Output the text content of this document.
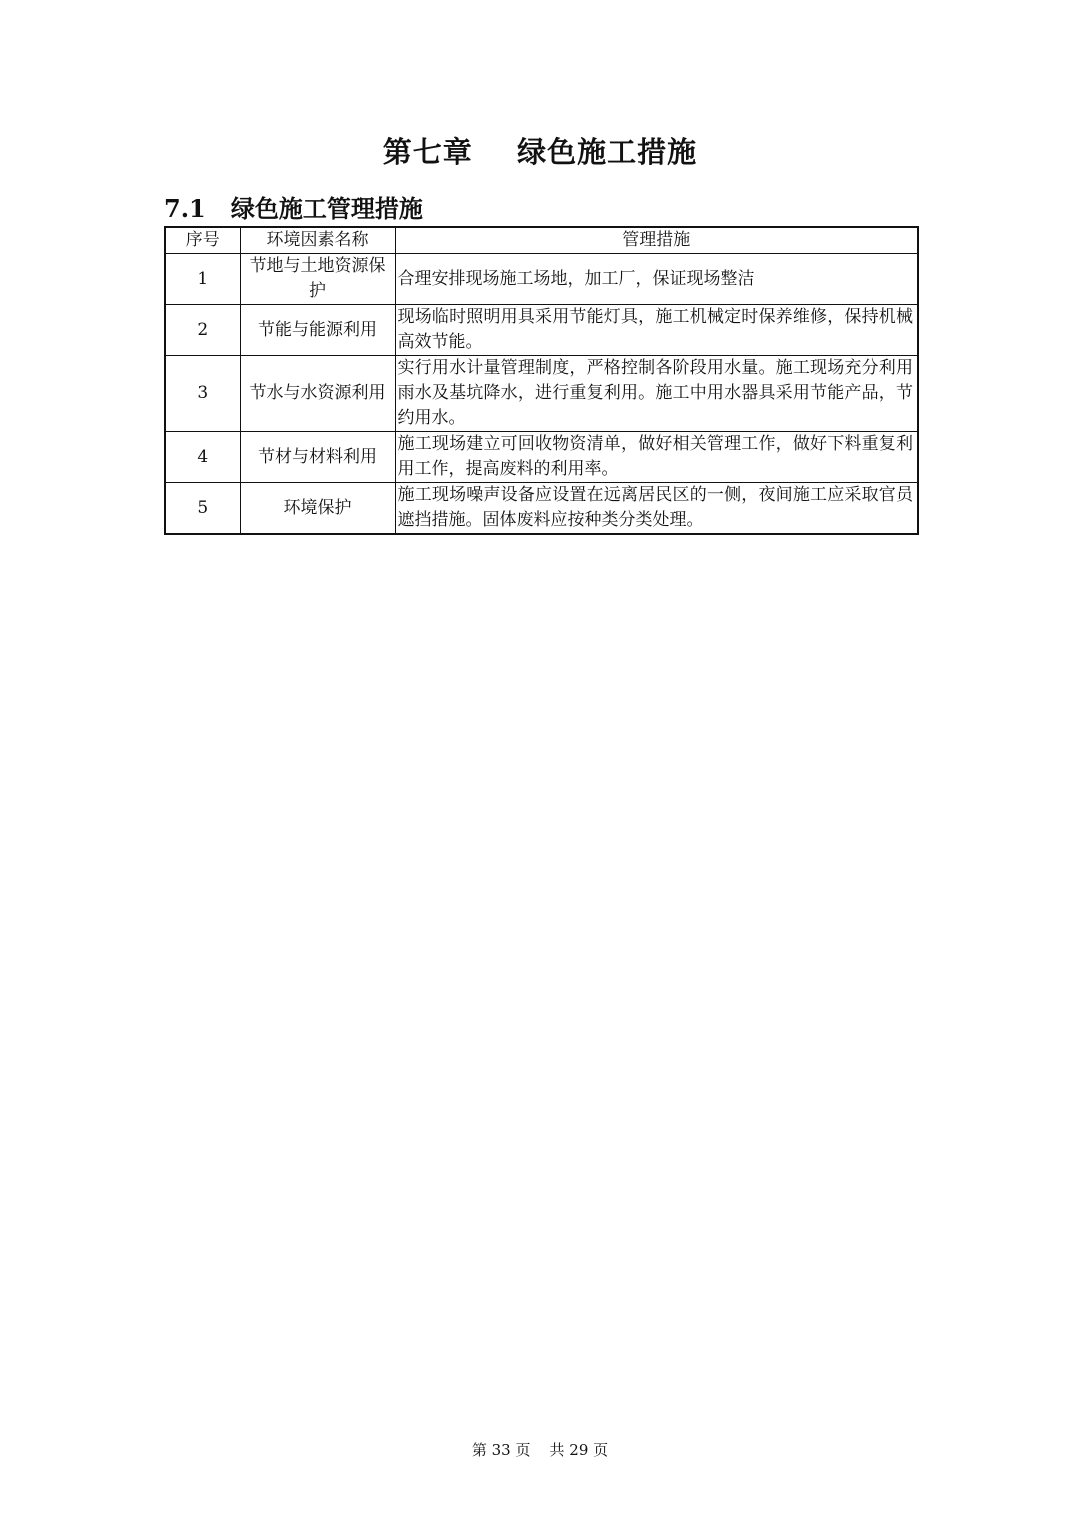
第七章    绿色施工措施
7.1   绿色施工管理措施
序号	环境因素名称	管理措施
1	节地与土地资源保护	合理安排现场施工场地，加工厂，保证现场整洁
2	节能与能源利用	现场临时照明用具采用节能灯具，施工机械定时保养维修，保持机械高效节能。
3	节水与水资源利用	实行用水计量管理制度，严格控制各阶段用水量。施工现场充分利用雨水及基坑降水，进行重复利用。施工中用水器具采用节能产品，节约用水。
4	节材与材料利用	施工现场建立可回收物资清单，做好相关管理工作，做好下料重复利用工作，提高废料的利用率。
5	环境保护	施工现场噪声设备应设置在远离居民区的一侧，夜间施工应采取官员遮挡措施。固体废料应按种类分类处理。
第 33 页    共 29 页
